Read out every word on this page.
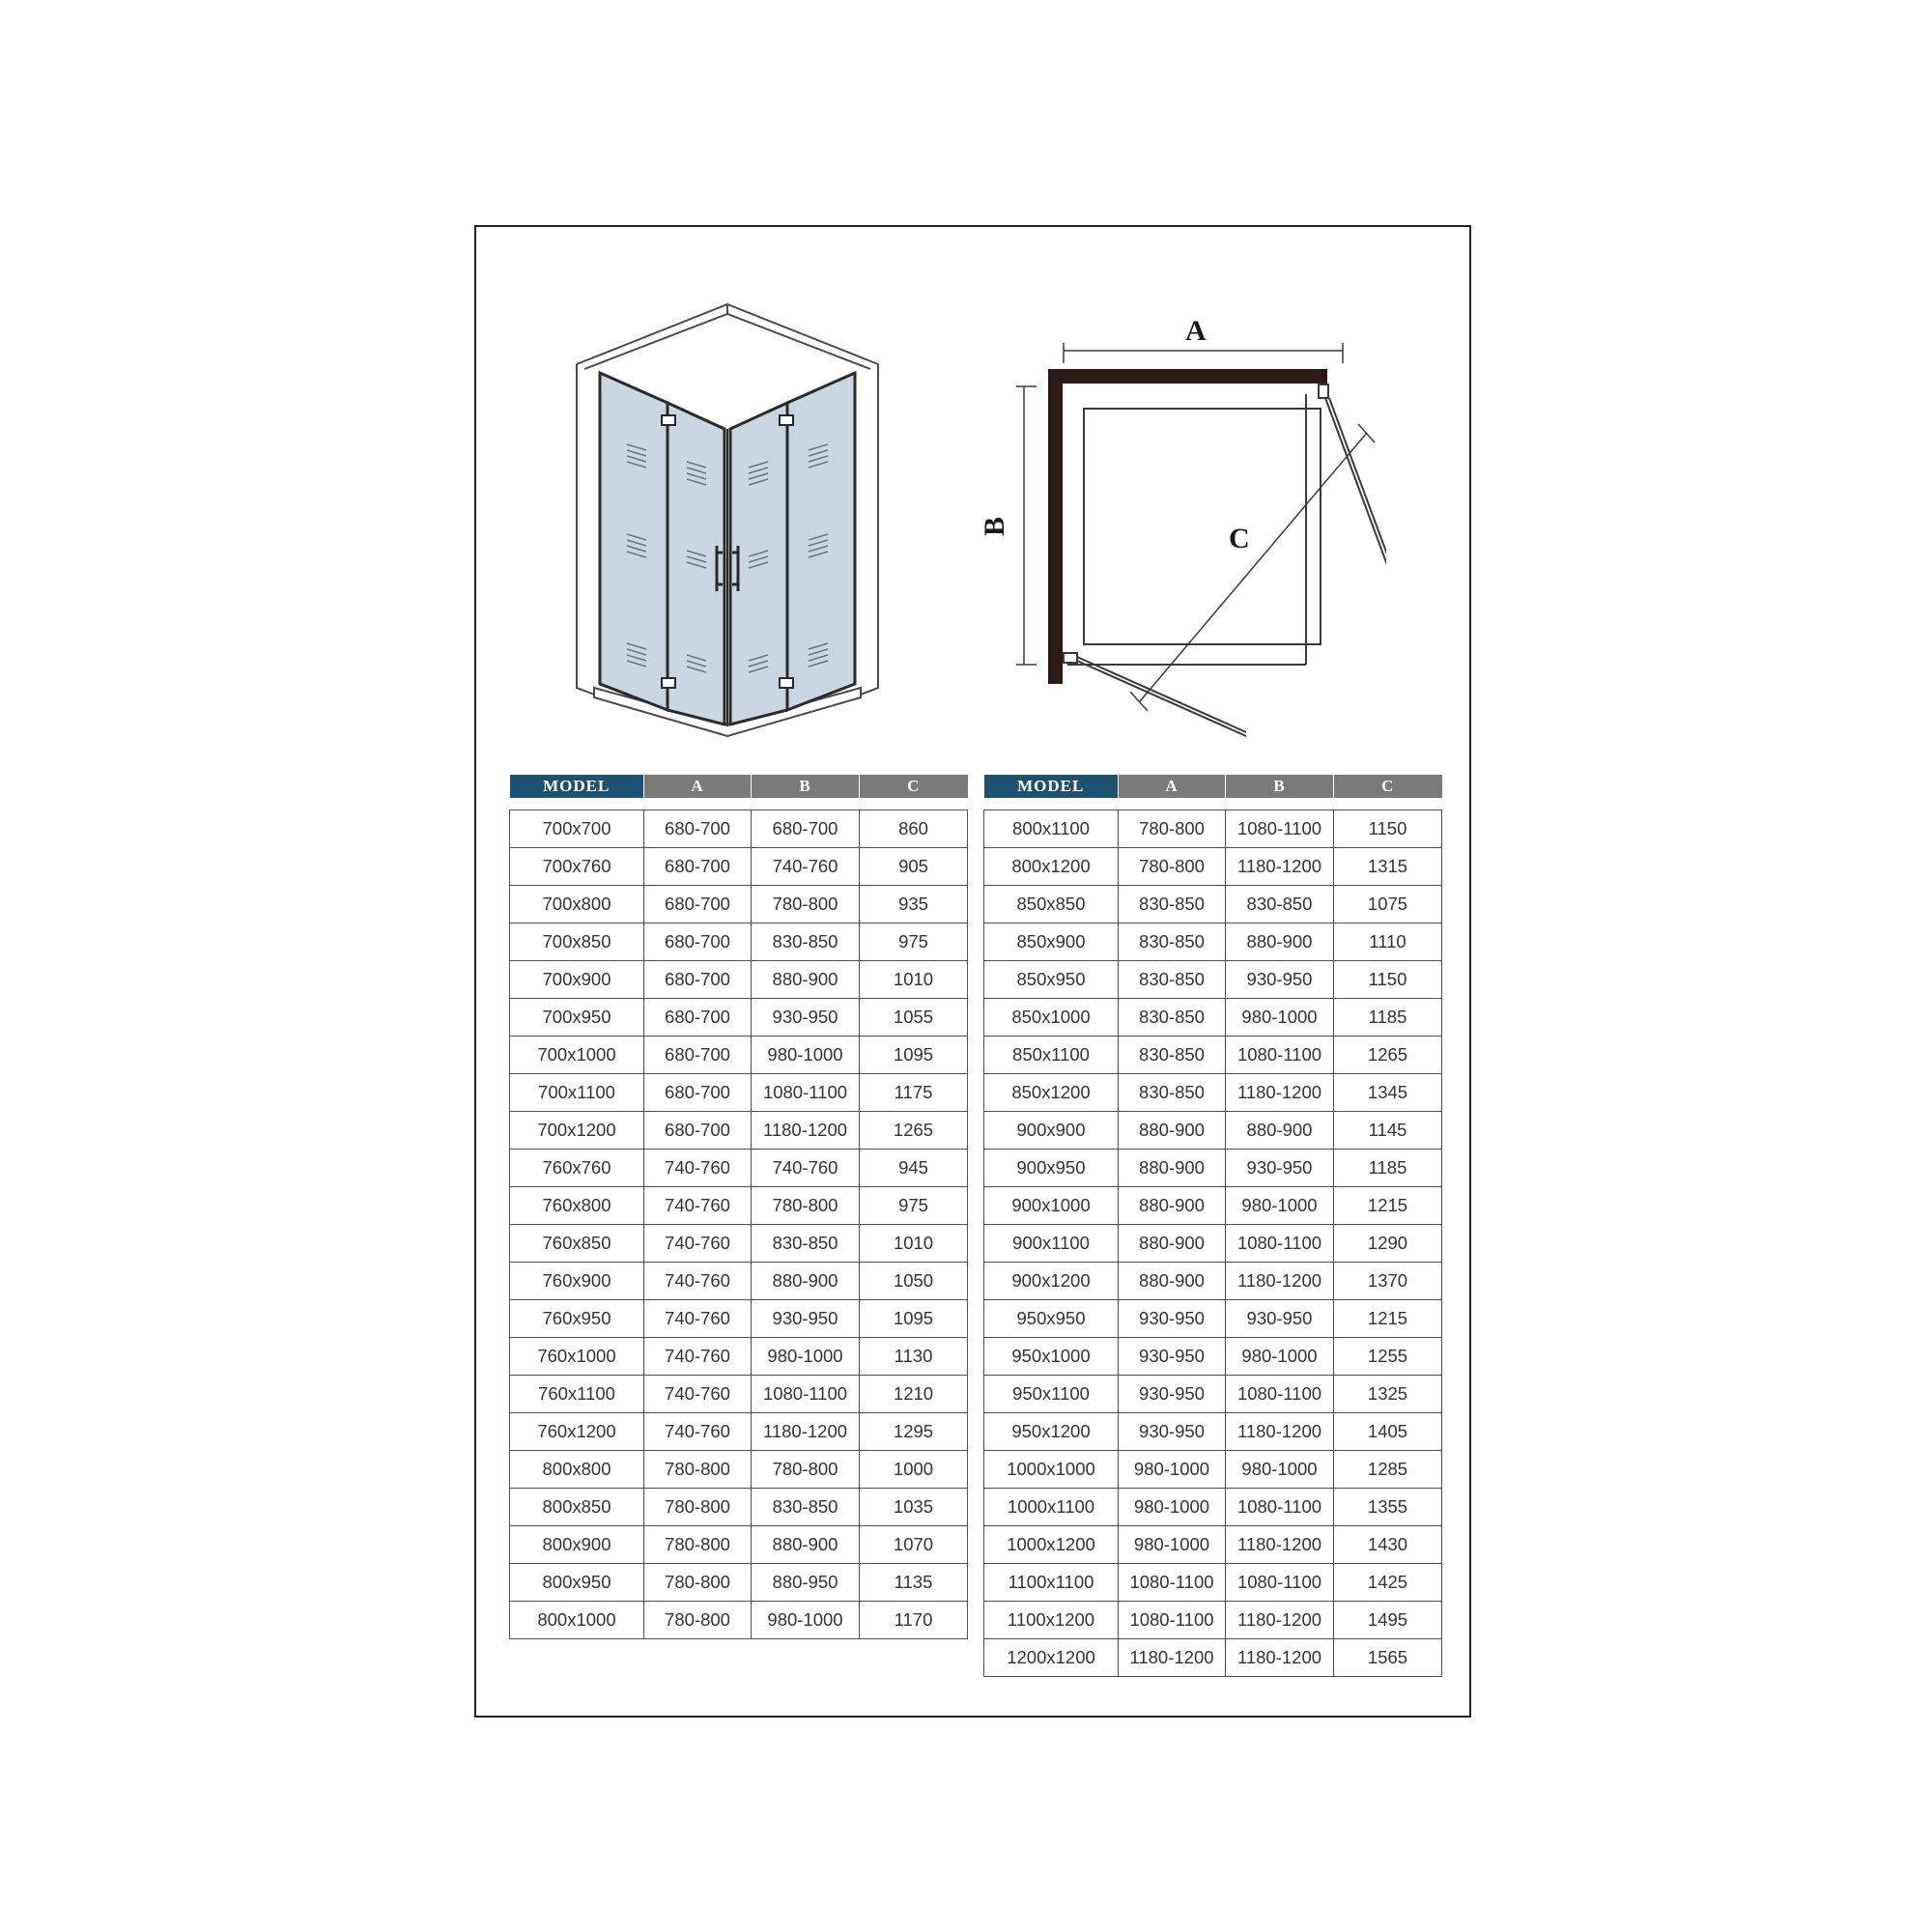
A
B	C
MODEL	A	B	C

700x700	680-700	680-700	860
700x760	680-700	740-760	905
700x800	680-700	780-800	935
700x850	680-700	830-850	975
700x900	680-700	880-900	1010
700x950	680-700	930-950	1055
700x1000	680-700	980-1000	1095
700x1100	680-700	1080-1100	1175
700x1200	680-700	1180-1200	1265
760x760	740-760	740-760	945
760x800	740-760	780-800	975
760x850	740-760	830-850	1010
760x900	740-760	880-900	1050
760x950	740-760	930-950	1095
760x1000	740-760	980-1000	1130
760x1100	740-760	1080-1100	1210
760x1200	740-760	1180-1200	1295
800x800	780-800	780-800	1000
800x850	780-800	830-850	1035
800x900	780-800	880-900	1070
800x950	780-800	880-950	1135
800x1000	780-800	980-1000	1170
MODEL	A	B	C

800x1100	780-800	1080-1100	1150
800x1200	780-800	1180-1200	1315
850x850	830-850	830-850	1075
850x900	830-850	880-900	1110
850x950	830-850	930-950	1150
850x1000	830-850	980-1000	1185
850x1100	830-850	1080-1100	1265
850x1200	830-850	1180-1200	1345
900x900	880-900	880-900	1145
900x950	880-900	930-950	1185
900x1000	880-900	980-1000	1215
900x1100	880-900	1080-1100	1290
900x1200	880-900	1180-1200	1370
950x950	930-950	930-950	1215
950x1000	930-950	980-1000	1255
950x1100	930-950	1080-1100	1325
950x1200	930-950	1180-1200	1405
1000x1000	980-1000	980-1000	1285
1000x1100	980-1000	1080-1100	1355
1000x1200	980-1000	1180-1200	1430
1100x1100	1080-1100	1080-1100	1425
1100x1200	1080-1100	1180-1200	1495
1200x1200	1180-1200	1180-1200	1565
